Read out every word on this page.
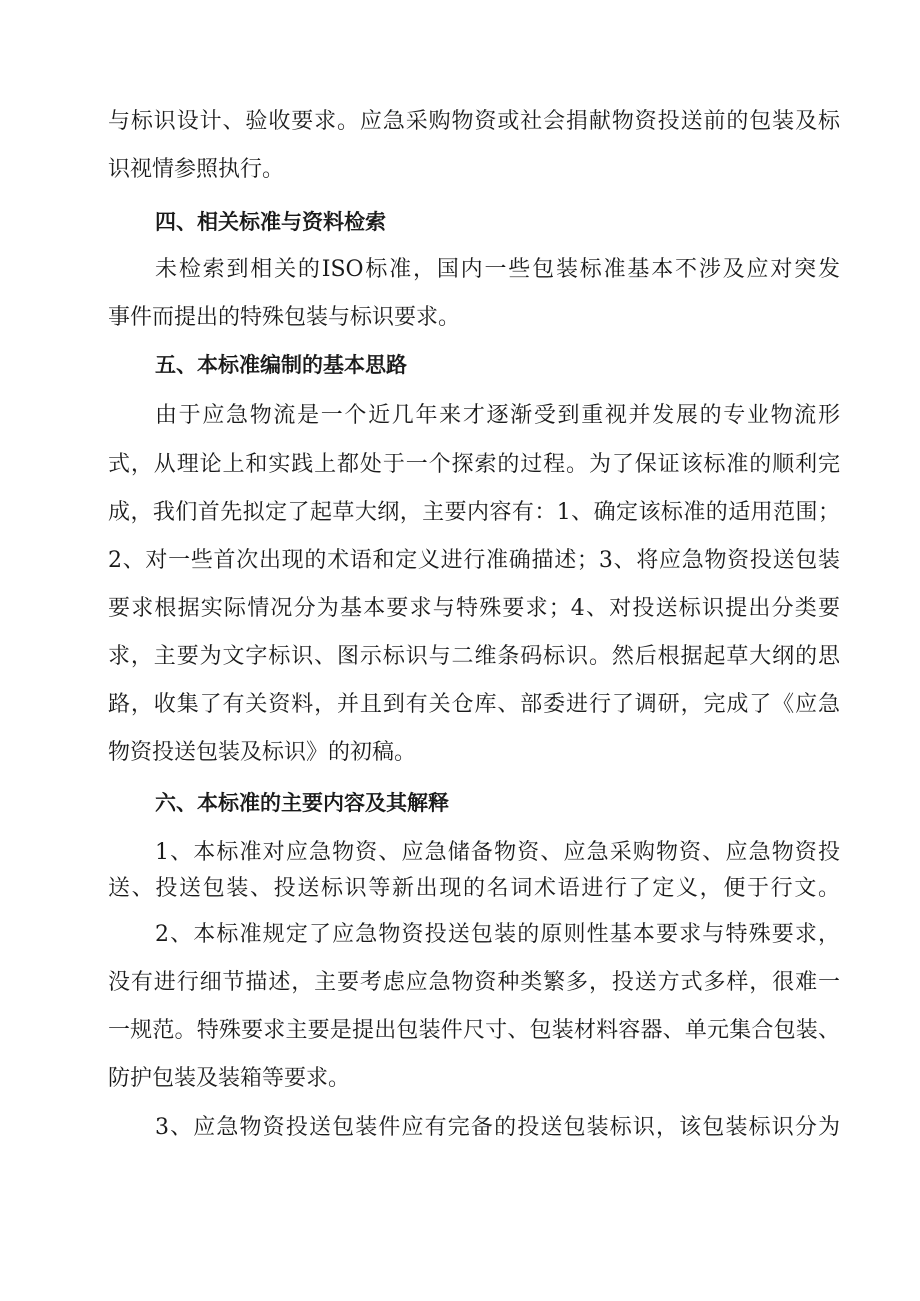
与标识设计、验收要求。应急采购物资或社会捐献物资投送前的包装及标
识视情参照执行。
四、相关标准与资料检索
未检索到相关的ISO标准，国内一些包装标准基本不涉及应对突发
事件而提出的特殊包装与标识要求。
五、本标准编制的基本思路
由于应急物流是一个近几年来才逐渐受到重视并发展的专业物流形
式，从理论上和实践上都处于一个探索的过程。为了保证该标准的顺利完
成，我们首先拟定了起草大纲，主要内容有：1、确定该标准的适用范围；
2、对一些首次出现的术语和定义进行准确描述；3、将应急物资投送包装
要求根据实际情况分为基本要求与特殊要求；4、对投送标识提出分类要
求，主要为文字标识、图示标识与二维条码标识。然后根据起草大纲的思
路，收集了有关资料，并且到有关仓库、部委进行了调研，完成了《应急
物资投送包装及标识》的初稿。
六、本标准的主要内容及其解释
1、本标准对应急物资、应急储备物资、应急采购物资、应急物资投
送、投送包装、投送标识等新出现的名词术语进行了定义，便于行文。
2、本标准规定了应急物资投送包装的原则性基本要求与特殊要求，
没有进行细节描述，主要考虑应急物资种类繁多，投送方式多样，很难一
一规范。特殊要求主要是提出包装件尺寸、包装材料容器、单元集合包装、
防护包装及装箱等要求。
3、应急物资投送包装件应有完备的投送包装标识，该包装标识分为
